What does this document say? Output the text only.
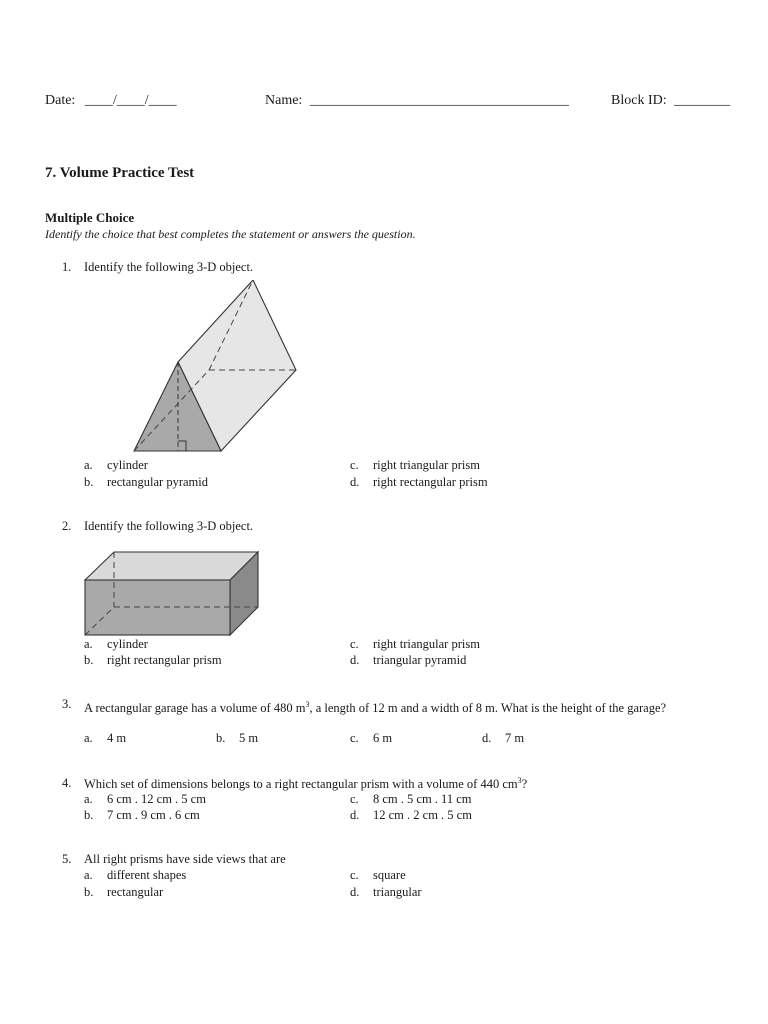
Date: ____/____/____	Name: _____________________________________	Block ID: ________
7. Volume Practice Test
Multiple Choice
Identify the choice that best completes the statement or answers the question.
1. Identify the following 3-D object.
a. cylinder
b. rectangular pyramid
c. right triangular prism
d. right rectangular prism
2. Identify the following 3-D object.
a. cylinder
b. right rectangular prism
c. right triangular prism
d. triangular pyramid
3. A rectangular garage has a volume of 480 $m^3$, a length of 12 m and a width of 8 m. What is the height of the garage?
a. 4 m	b. 5 m	c. 6 m	d. 7 m
4. Which set of dimensions belongs to a right rectangular prism with a volume of 440 $cm^3$?
a. 6 cm . 12 cm . 5 cm
b. 7 cm . 9 cm . 6 cm
c. 8 cm . 5 cm . 11 cm
d. 12 cm . 2 cm . 5 cm
5. All right prisms have side views that are
a. different shapes
b. rectangular
c. square
d. triangular
